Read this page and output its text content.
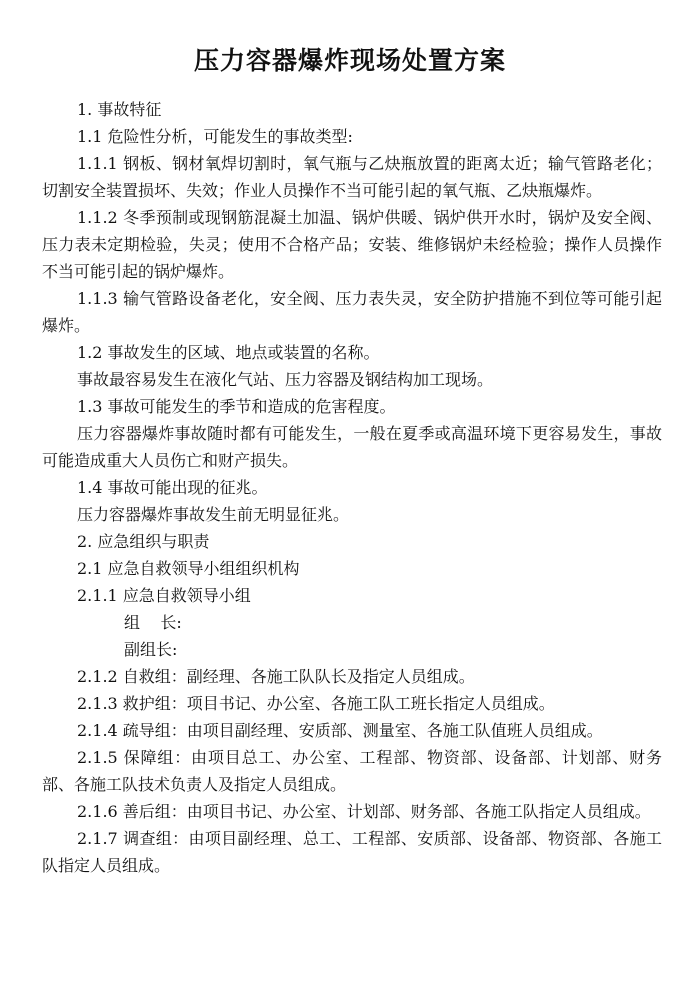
压力容器爆炸现场处置方案

1. 事故特征

1.1 危险性分析，可能发生的事故类型:

1.1.1 钢板、钢材氧焊切割时，氧气瓶与乙炔瓶放置的距离太近；输气管路老化；切割安全装置损坏、失效；作业人员操作不当可能引起的氧气瓶、乙炔瓶爆炸。

1.1.2 冬季预制或现钢筋混凝土加温、锅炉供暖、锅炉供开水时，锅炉及安全阀、压力表未定期检验，失灵；使用不合格产品；安装、维修锅炉未经检验；操作人员操作不当可能引起的锅炉爆炸。

1.1.3 输气管路设备老化，安全阀、压力表失灵，安全防护措施不到位等可能引起爆炸。

1.2 事故发生的区域、地点或装置的名称。

事故最容易发生在液化气站、压力容器及钢结构加工现场。

1.3 事故可能发生的季节和造成的危害程度。

压力容器爆炸事故随时都有可能发生，一般在夏季或高温环境下更容易发生，事故可能造成重大人员伤亡和财产损失。

1.4 事故可能出现的征兆。

压力容器爆炸事故发生前无明显征兆。

2. 应急组织与职责

2.1 应急自救领导小组组织机构

2.1.1 应急自救领导小组

组    长:

副组长:

2.1.2 自救组：副经理、各施工队队长及指定人员组成。

2.1.3 救护组：项目书记、办公室、各施工队工班长指定人员组成。

2.1.4 疏导组：由项目副经理、安质部、测量室、各施工队值班人员组成。

2.1.5 保障组：由项目总工、办公室、工程部、物资部、设备部、计划部、财务部、各施工队技术负责人及指定人员组成。

2.1.6 善后组：由项目书记、办公室、计划部、财务部、各施工队指定人员组成。

2.1.7 调查组：由项目副经理、总工、工程部、安质部、设备部、物资部、各施工队指定人员组成。
